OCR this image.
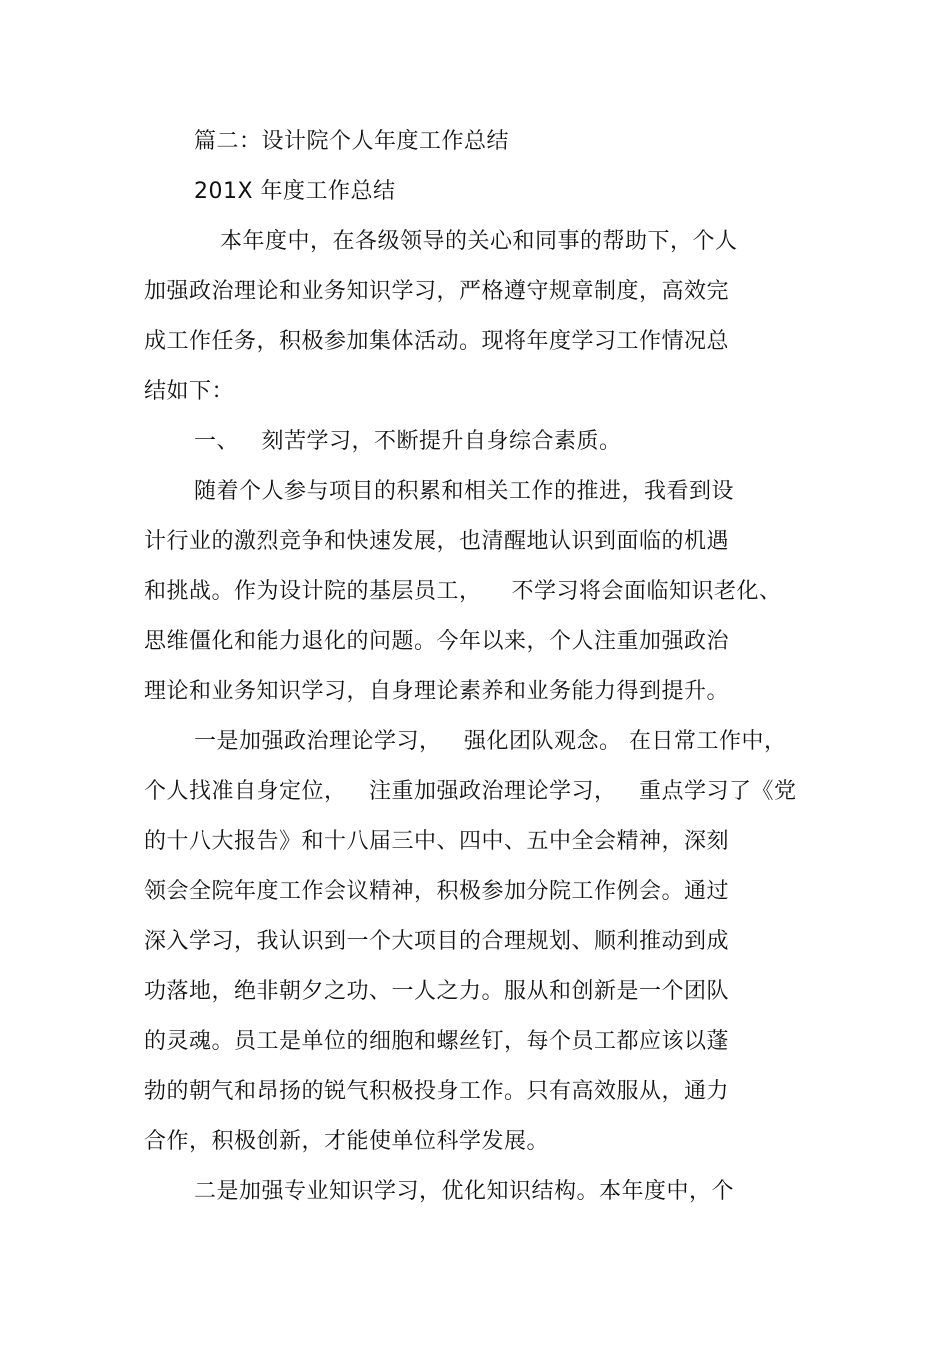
篇二：设计院个人年度工作总结
201X 年度工作总结
本年度中，在各级领导的关心和同事的帮助下，个人
加强政治理论和业务知识学习，严格遵守规章制度，高效完
成工作任务，积极参加集体活动。现将年度学习工作情况总
结如下：
一、   刻苦学习，不断提升自身综合素质。
随着个人参与项目的积累和相关工作的推进，我看到设
计行业的激烈竞争和快速发展，也清醒地认识到面临的机遇
和挑战。作为设计院的基层员工，    不学习将会面临知识老化、
思维僵化和能力退化的问题。今年以来，个人注重加强政治
理论和业务知识学习，自身理论素养和业务能力得到提升。
一是加强政治理论学习，   强化团队观念。 在日常工作中，
个人找准自身定位，   注重加强政治理论学习，   重点学习了《党
的十八大报告》和十八届三中、四中、五中全会精神，深刻
领会全院年度工作会议精神，积极参加分院工作例会。通过
深入学习，我认识到一个大项目的合理规划、顺利推动到成
功落地，绝非朝夕之功、一人之力。服从和创新是一个团队
的灵魂。员工是单位的细胞和螺丝钉，每个员工都应该以蓬
勃的朝气和昂扬的锐气积极投身工作。只有高效服从，通力
合作，积极创新，才能使单位科学发展。
二是加强专业知识学习，优化知识结构。本年度中，个
